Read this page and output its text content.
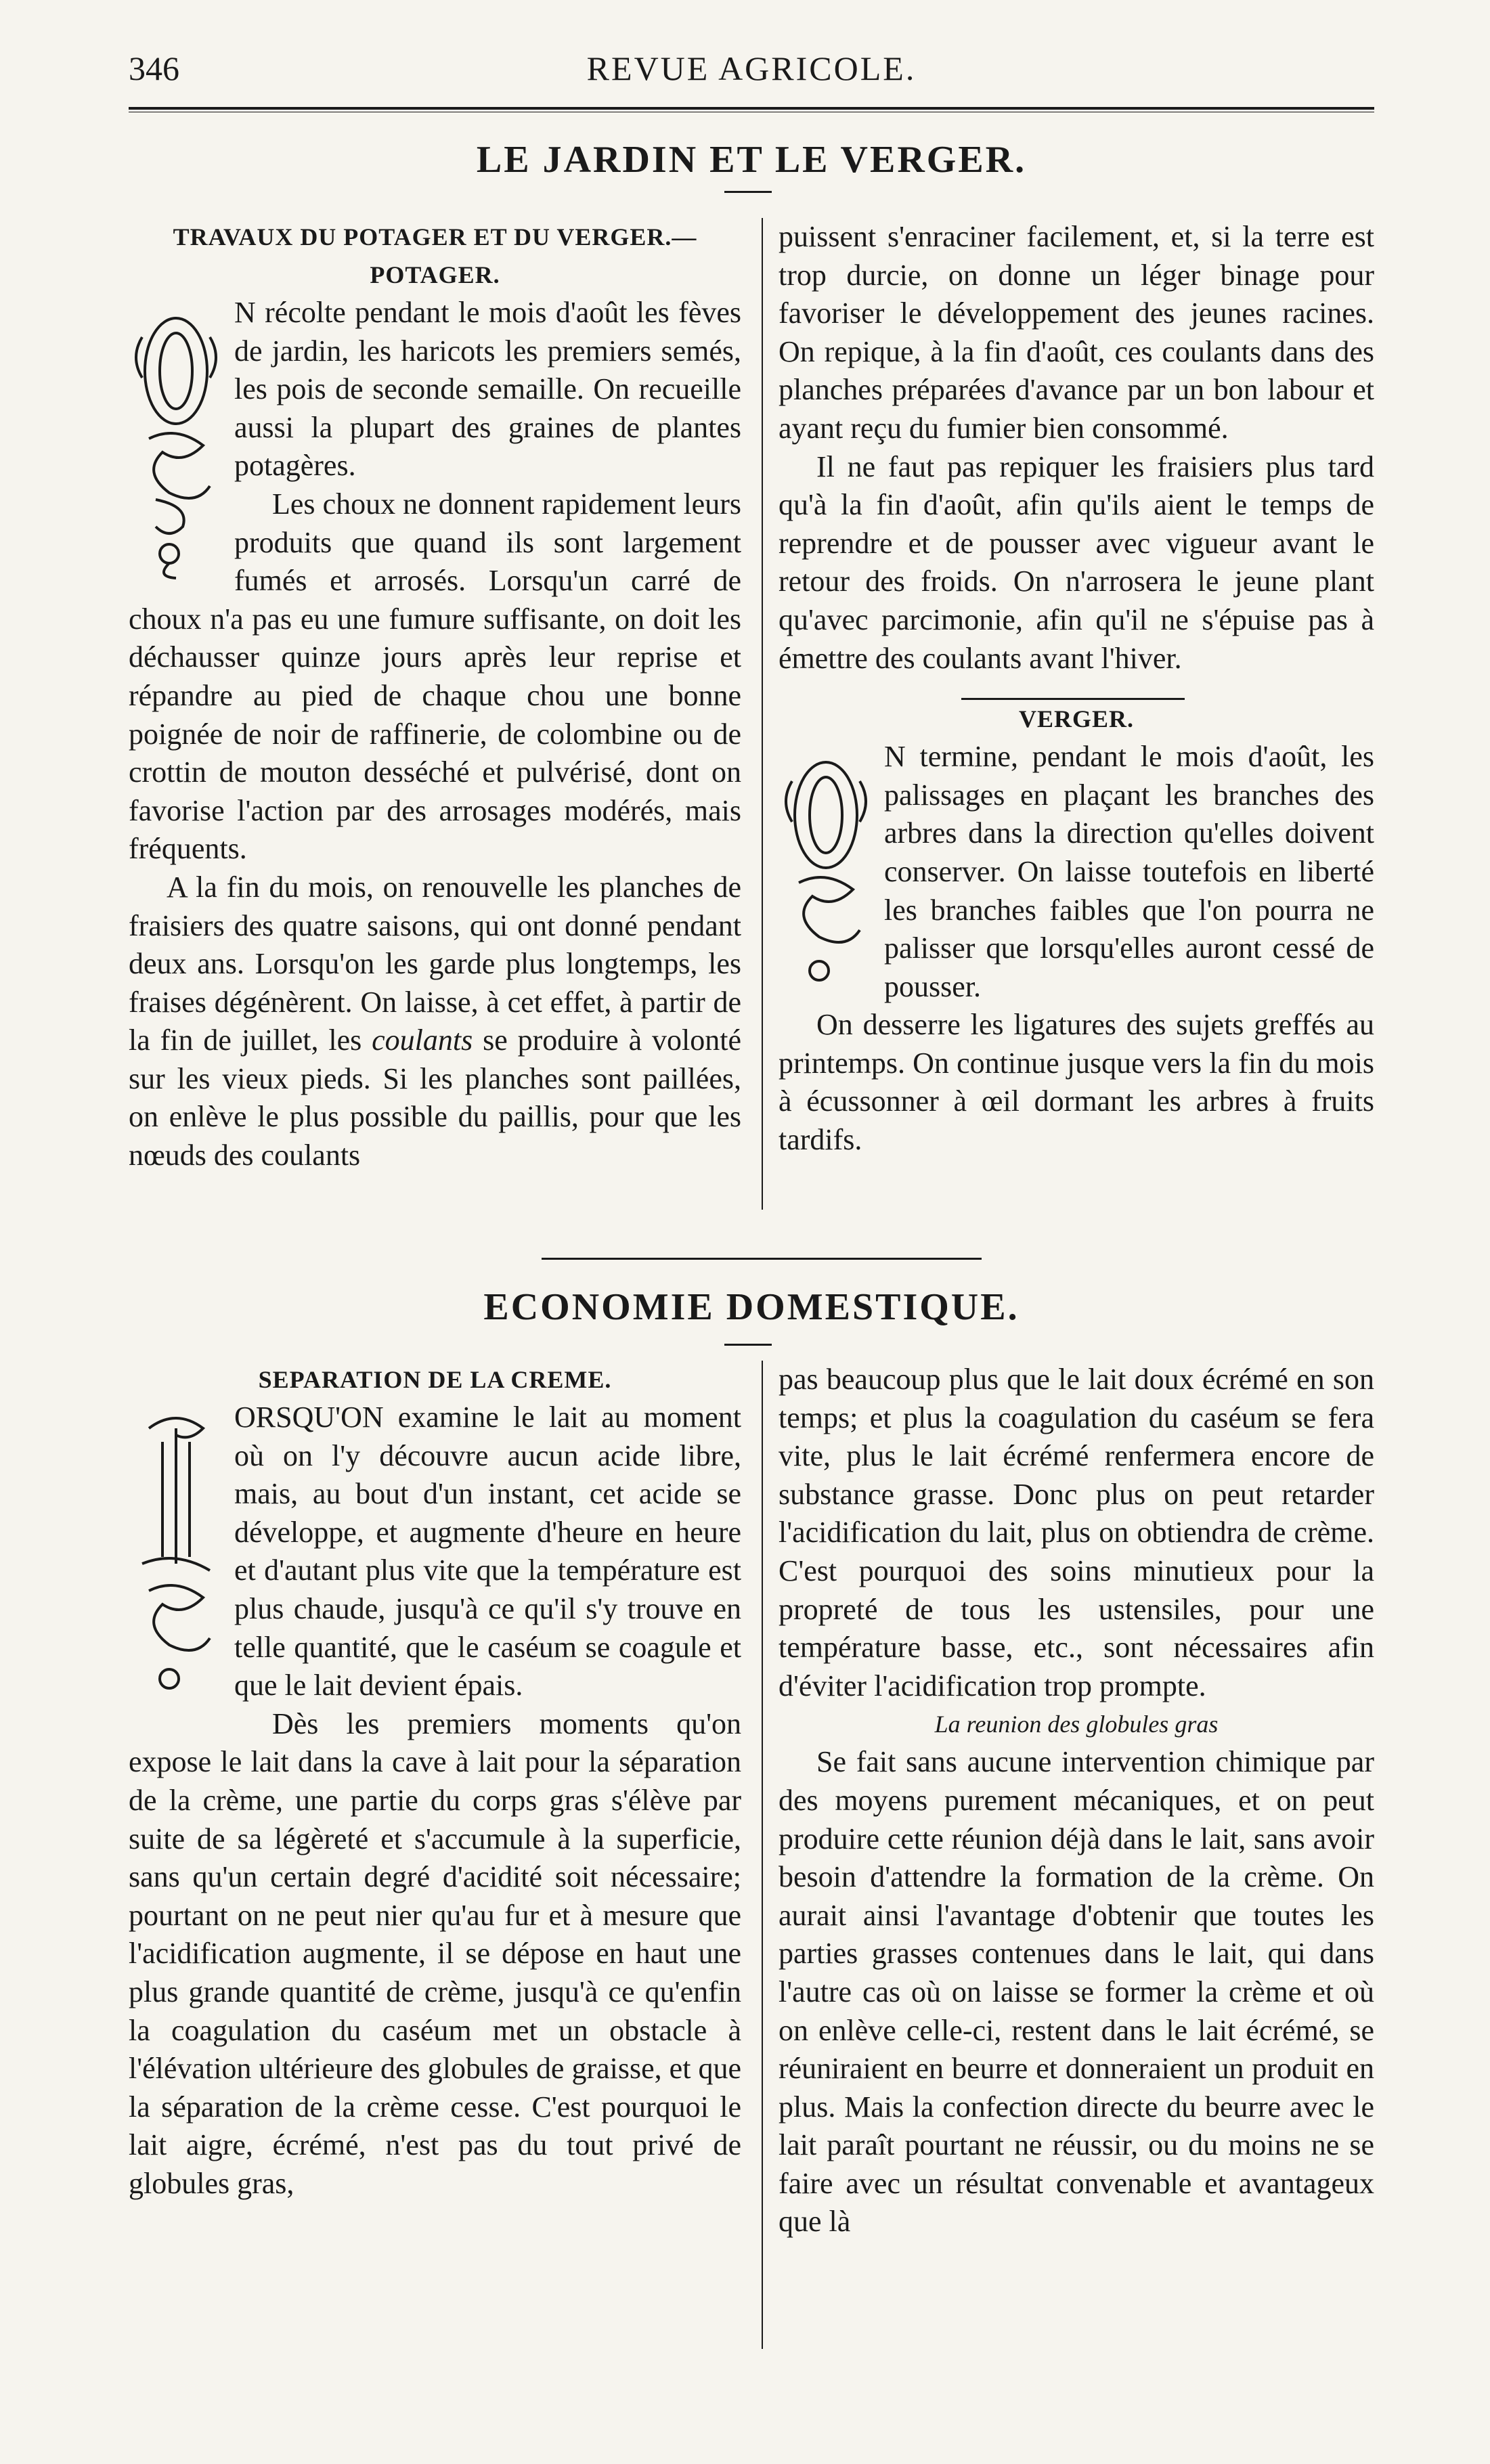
346	REVUE AGRICOLE.
LE JARDIN ET LE VERGER.
TRAVAUX DU POTAGER ET DU VERGER.— POTAGER.

N récolte pendant le mois d'août les fèves de jardin, les haricots les premiers semés, les pois de seconde semaille. On recueille aussi la plupart des graines de plantes potagères.

Les choux ne donnent rapidement leurs produits que quand ils sont largement fumés et arrosés. Lorsqu'un carré de choux n'a pas eu une fumure suffisante, on doit les déchausser quinze jours après leur reprise et répandre au pied de chaque chou une bonne poignée de noir de raffinerie, de colombine ou de crottin de mouton desséché et pulvérisé, dont on favorise l'action par des arrosages modérés, mais fréquents.

A la fin du mois, on renouvelle les planches de fraisiers des quatre saisons, qui ont donné pendant deux ans. Lorsqu'on les garde plus longtemps, les fraises dégénèrent. On laisse, à cet effet, à partir de la fin de juillet, les coulants se produire à volonté sur les vieux pieds. Si les planches sont paillées, on enlève le plus possible du paillis, pour que les nœuds des coulants

puissent s'enraciner facilement, et, si la terre est trop durcie, on donne un léger binage pour favoriser le développement des jeunes racines. On repique, à la fin d'août, ces coulants dans des planches préparées d'avance par un bon labour et ayant reçu du fumier bien consommé.

Il ne faut pas repiquer les fraisiers plus tard qu'à la fin d'août, afin qu'ils aient le temps de reprendre et de pousser avec vigueur avant le retour des froids. On n'arrosera le jeune plant qu'avec parcimonie, afin qu'il ne s'épuise pas à émettre des coulants avant l'hiver.

VERGER.

N termine, pendant le mois d'août, les palissages en plaçant les branches des arbres dans la direction qu'elles doivent conserver. On laisse toutefois en liberté les branches faibles que l'on pourra ne palisser que lorsqu'elles auront cessé de pousser.

On desserre les ligatures des sujets greffés au printemps. On continue jusque vers la fin du mois à écussonner à œil dormant les arbres à fruits tardifs.

ECONOMIE DOMESTIQUE.
SEPARATION DE LA CREME.

ORSQU'ON examine le lait au moment où on l'y découvre aucun acide libre, mais, au bout d'un instant, cet acide se développe, et augmente d'heure en heure et d'autant plus vite que la température est plus chaude, jusqu'à ce qu'il s'y trouve en telle quantité, que le caséum se coagule et que le lait devient épais.

Dès les premiers moments qu'on expose le lait dans la cave à lait pour la séparation de la crème, une partie du corps gras s'élève par suite de sa légèreté et s'accumule à la superficie, sans qu'un certain degré d'acidité soit nécessaire; pourtant on ne peut nier qu'au fur et à mesure que l'acidification augmente, il se dépose en haut une plus grande quantité de crème, jusqu'à ce qu'enfin la coagulation du caséum met un obstacle à l'élévation ultérieure des globules de graisse, et que la séparation de la crème cesse. C'est pourquoi le lait aigre, écrémé, n'est pas du tout privé de globules gras,

pas beaucoup plus que le lait doux écrémé en son temps; et plus la coagulation du caséum se fera vite, plus le lait écrémé renfermera encore de substance grasse. Donc plus on peut retarder l'acidification du lait, plus on obtiendra de crème. C'est pourquoi des soins minutieux pour la propreté de tous les ustensiles, pour une température basse, etc., sont nécessaires afin d'éviter l'acidification trop prompte.

La reunion des globules gras

Se fait sans aucune intervention chimique par des moyens purement mécaniques, et on peut produire cette réunion déjà dans le lait, sans avoir besoin d'attendre la formation de la crème. On aurait ainsi l'avantage d'obtenir que toutes les parties grasses contenues dans le lait, qui dans l'autre cas où on laisse se former la crème et où on enlève celle-ci, restent dans le lait écrémé, se réuniraient en beurre et donneraient un produit en plus. Mais la confection directe du beurre avec le lait paraît pourtant ne réussir, ou du moins ne se faire avec un résultat convenable et avantageux que là
